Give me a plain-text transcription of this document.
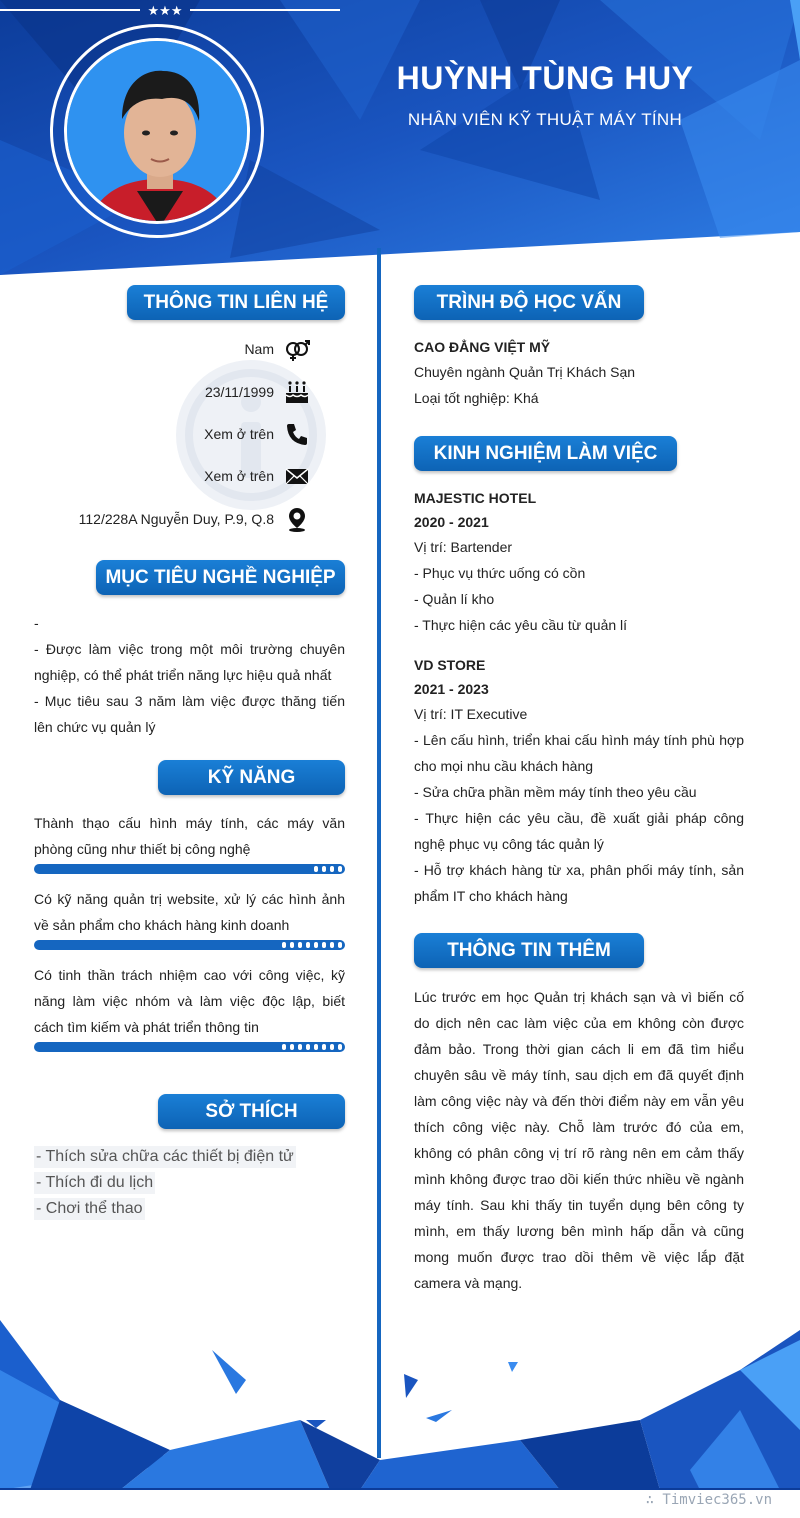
HUỲNH TÙNG HUY
NHÂN VIÊN KỸ THUẬT MÁY TÍNH
★★★
THÔNG TIN LIÊN HỆ
Nam
23/11/1999
Xem ở trên
Xem ở trên
112/228A Nguyễn Duy, P.9, Q.8
MỤC TIÊU NGHỀ NGHIỆP
-
- Được làm việc trong một môi trường chuyên nghiệp, có thể phát triển năng lực hiệu quả nhất
- Mục tiêu sau 3 năm làm việc được thăng tiến lên chức vụ quản lý
KỸ NĂNG
Thành thạo cấu hình máy tính, các máy văn phòng cũng như thiết bị công nghệ
Có kỹ năng quản trị website, xử lý các hình ảnh về sản phẩm cho khách hàng kinh doanh
Có tinh thần trách nhiệm cao với công việc, kỹ năng làm việc nhóm và làm việc độc lập, biết cách tìm kiếm và phát triển thông tin
SỞ THÍCH
- Thích sửa chữa các thiết bị điện tử
- Thích đi du lịch
- Chơi thể thao
TRÌNH ĐỘ HỌC VẤN
CAO ĐẲNG VIỆT MỸ
Chuyên ngành Quản Trị Khách Sạn
Loại tốt nghiệp: Khá
KINH NGHIỆM LÀM VIỆC
MAJESTIC HOTEL
2020 - 2021
Vị trí: Bartender
- Phục vụ thức uống có cồn
- Quản lí kho
- Thực hiện các yêu cầu từ quản lí
VD STORE
2021 - 2023
Vị trí: IT Executive
- Lên cấu hình, triển khai cấu hình máy tính phù hợp cho mọi nhu cầu khách hàng
- Sửa chữa phần mềm máy tính theo yêu cầu
- Thực hiện các yêu cầu, đề xuất giải pháp công nghệ phục vụ công tác quản lý
- Hỗ trợ khách hàng từ xa, phân phối máy tính, sản phẩm IT cho khách hàng
THÔNG TIN THÊM
Lúc trước em học Quản trị khách sạn và vì biến cố do dịch nên cac làm việc của em không còn được đảm bảo. Trong thời gian cách li em đã tìm hiểu chuyên sâu về máy tính, sau dịch em đã quyết định làm công việc này và đến thời điểm này em vẫn yêu thích công việc này. Chỗ làm trước đó của em, không có phân công vị trí rõ ràng nên em cảm thấy mình không được trao dồi kiến thức nhiều về ngành máy tính. Sau khi thấy tin tuyển dụng bên công ty mình, em thấy lương bên mình hấp dẫn và cũng mong muốn được trao dồi thêm về việc lắp đặt camera và mạng.
∴ Timviec365.vn
